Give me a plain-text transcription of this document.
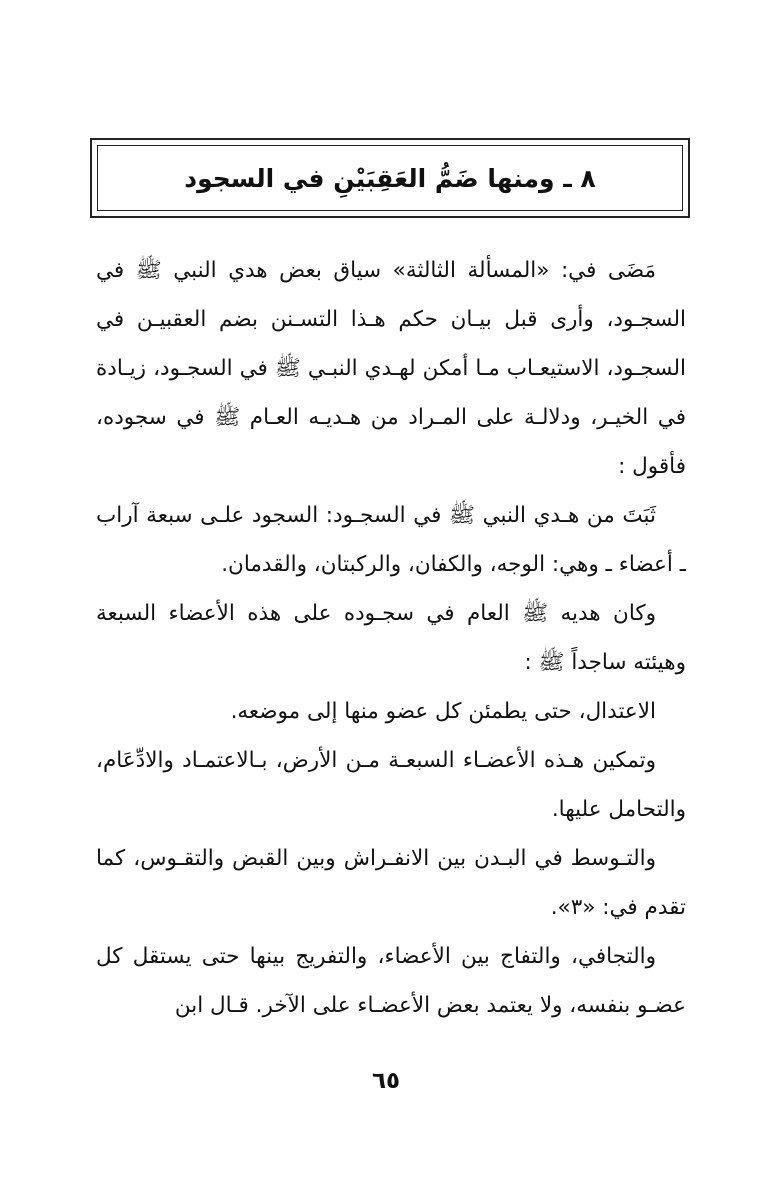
٨ ـ ومنها ضَمُّ العَقِبَيْنِ في السجود

مَضَى في: «المسألة الثالثة» سياق بعض هدي النبي ﷺ في السجـود، وأرى قبل بيـان حكم هـذا التسـنن بضم العقبيـن في السجـود، الاستيعـاب مـا أمكن لهـدي النبـي ﷺ في السجـود، زيـادة في الخيـر، ودلالـة على المـراد من هـديـه العـام ﷺ في سجوده، فأقول :

ثَبَتَ من هـدي النبي ﷺ في السجـود: السجود علـى سبعة آراب ـ أعضاء ـ وهي: الوجه، والكفان، والركبتان، والقدمان.

وكان هديه ﷺ العام في سجـوده على هذه الأعضاء السبعة وهيئته ساجداً ﷺ :

الاعتدال، حتى يطمئن كل عضو منها إلى موضعه.

وتمكين هـذه الأعضـاء السبعـة مـن الأرض، بـالاعتمـاد والادِّعَام، والتحامل عليها.

والتـوسط في البـدن بين الانفـراش وبين القبض والتقـوس، كما تقدم في: «٣».

والتجافي، والتفاج بين الأعضاء، والتفريج بينها حتى يستقل كل عضـو بنفسه، ولا يعتمد بعض الأعضـاء على الآخر. قـال ابن

٦٥
